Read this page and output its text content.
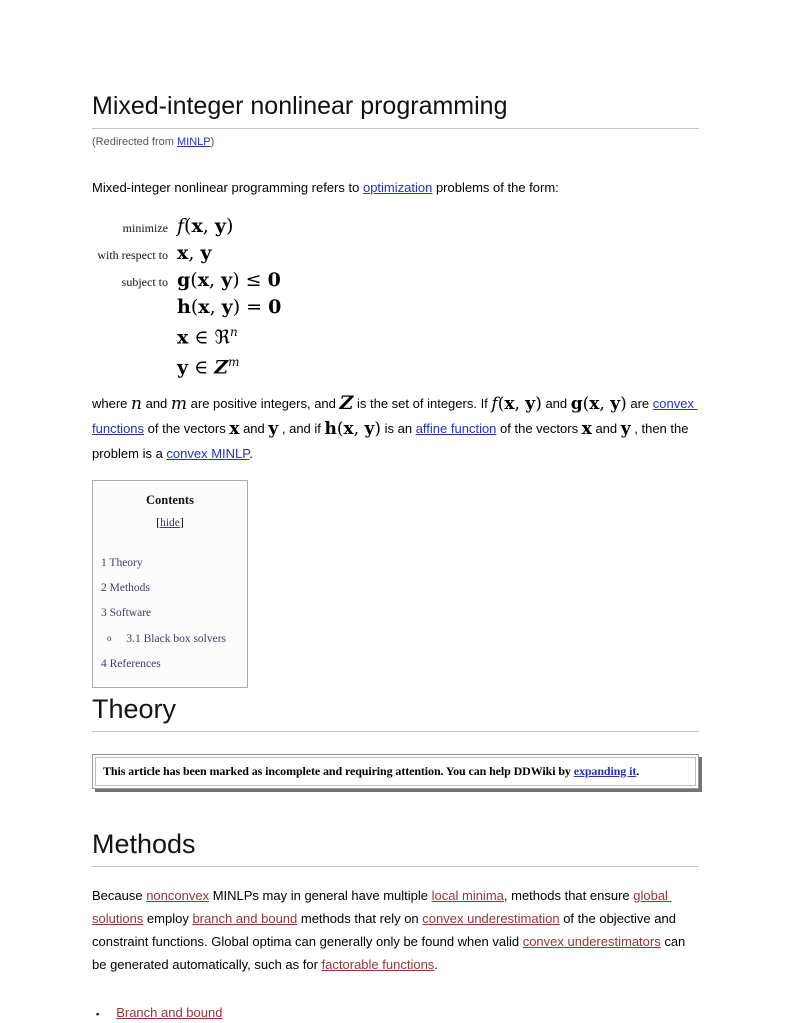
Mixed-integer nonlinear programming
(Redirected from MINLP)

Mixed-integer nonlinear programming refers to optimization problems of the form:

minimize f(x, y)
with respect to x, y
subject to g(x, y) ≤ 0
h(x, y) = 0
x ∈ ℜ$^n$
y ∈ $Z^m$

where n and m are positive integers, and Z is the set of integers. If f(x, y) and g(x, y) are convex functions of the vectors x and y , and if h(x, y) is an affine function of the vectors x and y , then the problem is a convex MINLP.

Contents
[hide]
1 Theory
2 Methods
3 Software
o 3.1 Black box solvers
4 References
Theory
This article has been marked as incomplete and requiring attention. You can help DDWiki by expanding it.
Methods

Because nonconvex MINLPs may in general have multiple local minima, methods that ensure global solutions employ branch and bound methods that rely on convex underestimation of the objective and constraint functions. Global optima can generally only be found when valid convex underestimators can be generated automatically, such as for factorable functions.

▪ Branch and bound
